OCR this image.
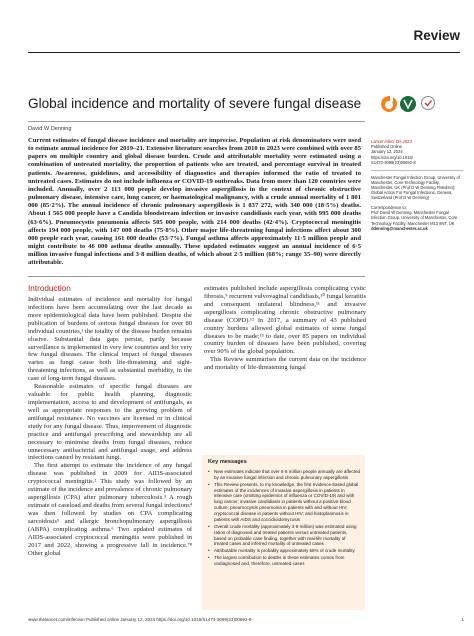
Review
Global incidence and mortality of severe fungal disease
David W Denning
Current estimates of fungal disease incidence and mortality are imprecise. Population at risk denominators were used to estimate annual incidence for 2019–21. Extensive literature searches from 2010 to 2023 were combined with over 85 papers on multiple country and global disease burden. Crude and attributable mortality were estimated using a combination of untreated mortality, the proportion of patients who are treated, and percentage survival in treated patients. Awareness, guidelines, and accessibility of diagnostics and therapies informed the ratio of treated to untreated cases. Estimates do not include influenza or COVID-19 outbreaks. Data from more than 120 countries were included. Annually, over 2 113 000 people develop invasive aspergillosis in the context of chronic obstructive pulmonary disease, intensive care, lung cancer, or haematological malignancy, with a crude annual mortality of 1 801 000 (85·2%). The annual incidence of chronic pulmonary aspergillosis is 1 837 272, with 340 000 (18·5%) deaths. About 1 565 000 people have a Candida bloodstream infection or invasive candidiasis each year, with 995 000 deaths (63·6%). Pneumocystis pneumonia affects 505 000 people, with 214 000 deaths (42·4%). Cryptococcal meningitis affects 194 000 people, with 147 000 deaths (75·8%). Other major life-threatening fungal infections affect about 300 000 people each year, causing 161 000 deaths (53·7%). Fungal asthma affects approximately 11·5 million people and might contribute to 46 000 asthma deaths annually. These updated estimates suggest an annual incidence of 6·5 million invasive fungal infections and 3·8 million deaths, of which about 2·5 million (68%; range 35–90) were directly attributable.
Lancet Infect Dis 2024
Published Online
January 12, 2024
https://doi.org/10.1016/
S1473-3099(23)00692-8
Manchester Fungal Infection Group, University of Manchester, Core Technology Facility, Manchester, UK (Prof D W Denning FMedSci); Global Action For Fungal Infections, Geneva, Switzerland (Prof D W Denning)
Correspondence to:
Prof David W Denning, Manchester Fungal Infection Group, University of Manchester, Core Technology Facility, Manchester M13 9NT, UK
ddenning@manchester.ac.uk
Introduction

Individual estimates of incidence and mortality for fungal infections have been accumulating over the last decade as more epidemiological data have been published. Despite the publication of burdens of serious fungal diseases for over 80 individual countries,¹ the totality of the disease burden remains elusive. Substantial data gaps persist, partly because surveillance is implemented in very few countries and for very few fungal diseases. The clinical impact of fungal diseases varies as fungi cause both life-threatening and sight-threatening infections, as well as substantial morbidity, in the case of long-term fungal diseases.

Reasonable estimates of specific fungal diseases are valuable for public health planning, diagnostic implementation, access to and development of antifungals, as well as appropriate responses to the growing problem of antifungal resistance. No vaccines are licensed or in clinical study for any fungal disease. Thus, improvement of diagnostic practice and antifungal prescribing and stewardship are all necessary to minimise deaths from fungal diseases, reduce unnecessary antibacterial and antifungal usage, and address infections caused by resistant fungi.

The first attempt to estimate the incidence of any fungal disease was published in 2009 for AIDS-associated cryptococcal meningitis.² This study was followed by an estimate of the incidence and prevalence of chronic pulmonary aspergillosis (CPA) after pulmonary tuberculosis.³ A rough estimate of caseload and deaths from several fungal infections⁴ was then followed by studies on CPA complicating sarcoidosis⁵ and allergic bronchopulmonary aspergillosis (ABPA) complicating asthma.⁶ Two updated estimates of AIDS-associated cryptococcal meningitis were published in 2017 and 2022, showing a progressive fall in incidence.⁷⁸ Other global

estimates published include aspergillosis complicating cystic fibrosis,⁹ recurrent vulvovaginal candidiasis,¹⁰ fungal keratitis and consequent unilateral blindness,¹¹ and invasive aspergillosis complicating chronic obstructive pulmonary disease (COPD).¹² In 2017, a summary of 43 published country burdens allowed global estimates of some fungal diseases to be made;¹³ to date, over 85 papers on individual country burden of diseases have been published, covering over 90% of the global population.

This Review summarises the current data on the incidence and mortality of life-threatening fungal

Key messages
• New estimates indicate that over 6·5 million people annually are affected by an invasive fungal infection and chronic pulmonary aspergillosis
• This Review presents, to my knowledge, the first evidence-based global estimates of the incidences of invasive aspergillosis in patients in intensive care (omitting epidemics of influenza or COVID-19) and with lung cancer; invasive candidiasis in patients without a positive blood culture; pneumocystis pneumonia in patients with and without HIV; cryptococcal disease in patients without HIV; and histoplasmosis in patients with AIDS and coccidioidomycosis
• Overall crude mortality (approximately 3·8 million) was estimated using ratios of diagnosed and treated patients versus untreated patients, based on probable case finding, together with real-life mortality of treated cases and inferred mortality of untreated cases
• Attributable mortality is probably approximately 68% of crude mortality
• The largest contribution to deaths in these estimates comes from undiagnosed and, therefore, untreated cases
www.thelancet.com/infection Published online January 12, 2024 https://doi.org/10.1016/S1473-3099(23)00692-8	1
